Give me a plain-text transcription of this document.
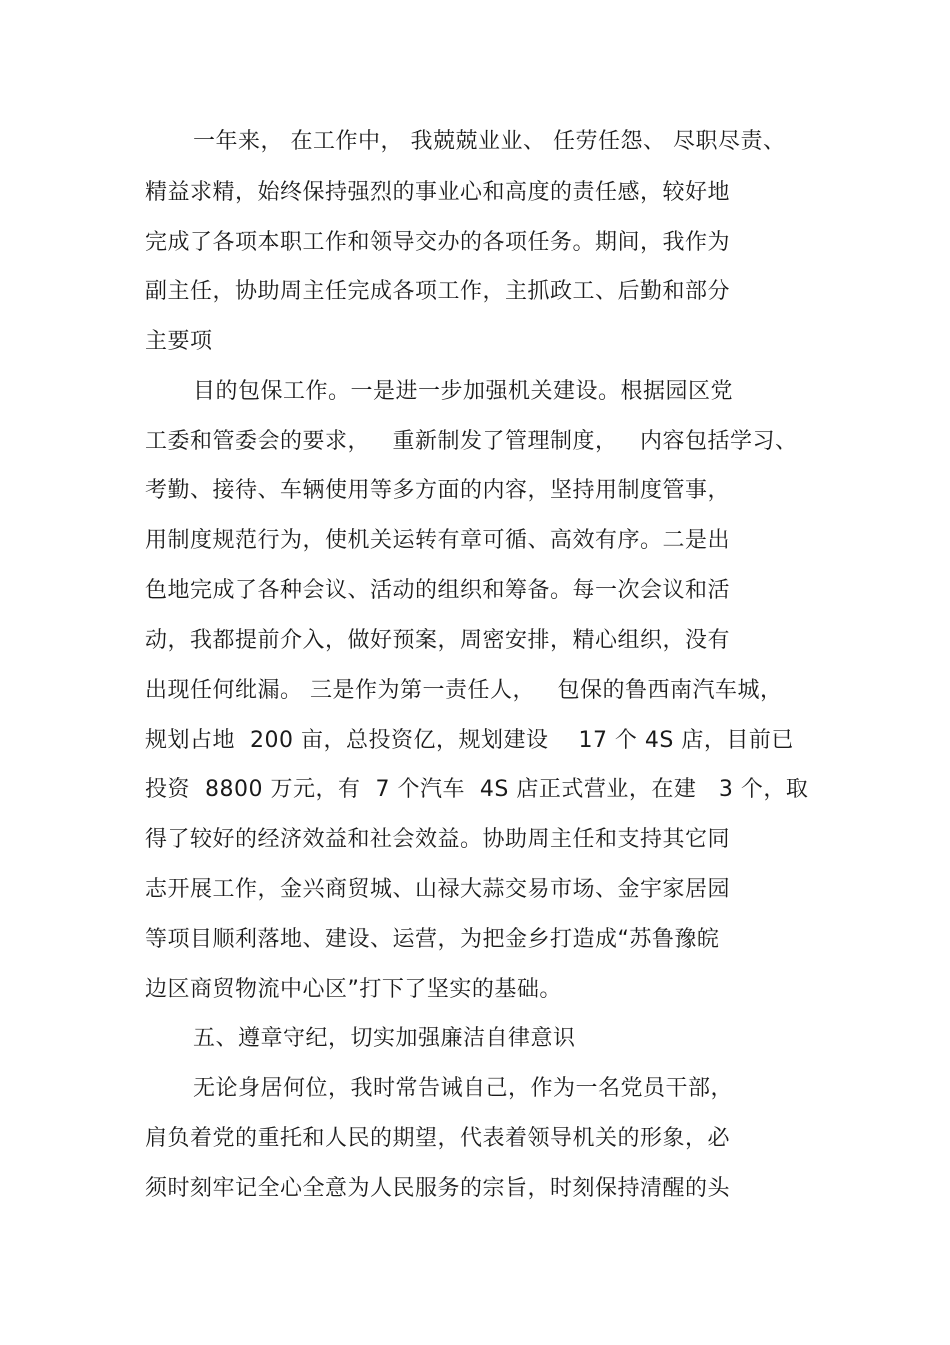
一年来， 在工作中， 我兢兢业业、 任劳任怨、 尽职尽责、
精益求精，始终保持强烈的事业心和高度的责任感，较好地
完成了各项本职工作和领导交办的各项任务。期间，我作为
副主任，协助周主任完成各项工作，主抓政工、后勤和部分
主要项
目的包保工作。一是进一步加强机关建设。根据园区党
工委和管委会的要求，   重新制发了管理制度，   内容包括学习、
考勤、接待、车辆使用等多方面的内容，坚持用制度管事，
用制度规范行为，使机关运转有章可循、高效有序。二是出
色地完成了各种会议、活动的组织和筹备。每一次会议和活
动，我都提前介入，做好预案，周密安排，精心组织，没有
出现任何纰漏。 三是作为第一责任人，   包保的鲁西南汽车城，
规划占地  200 亩，总投资亿，规划建设    17 个 4S 店，目前已
投资  8800 万元，有  7 个汽车  4S 店正式营业，在建   3 个，取
得了较好的经济效益和社会效益。协助周主任和支持其它同
志开展工作，金兴商贸城、山禄大蒜交易市场、金宇家居园
等项目顺利落地、建设、运营，为把金乡打造成“苏鲁豫皖
边区商贸物流中心区”打下了坚实的基础。
五、遵章守纪，切实加强廉洁自律意识
无论身居何位，我时常告诫自己，作为一名党员干部，
肩负着党的重托和人民的期望，代表着领导机关的形象，必
须时刻牢记全心全意为人民服务的宗旨，时刻保持清醒的头
